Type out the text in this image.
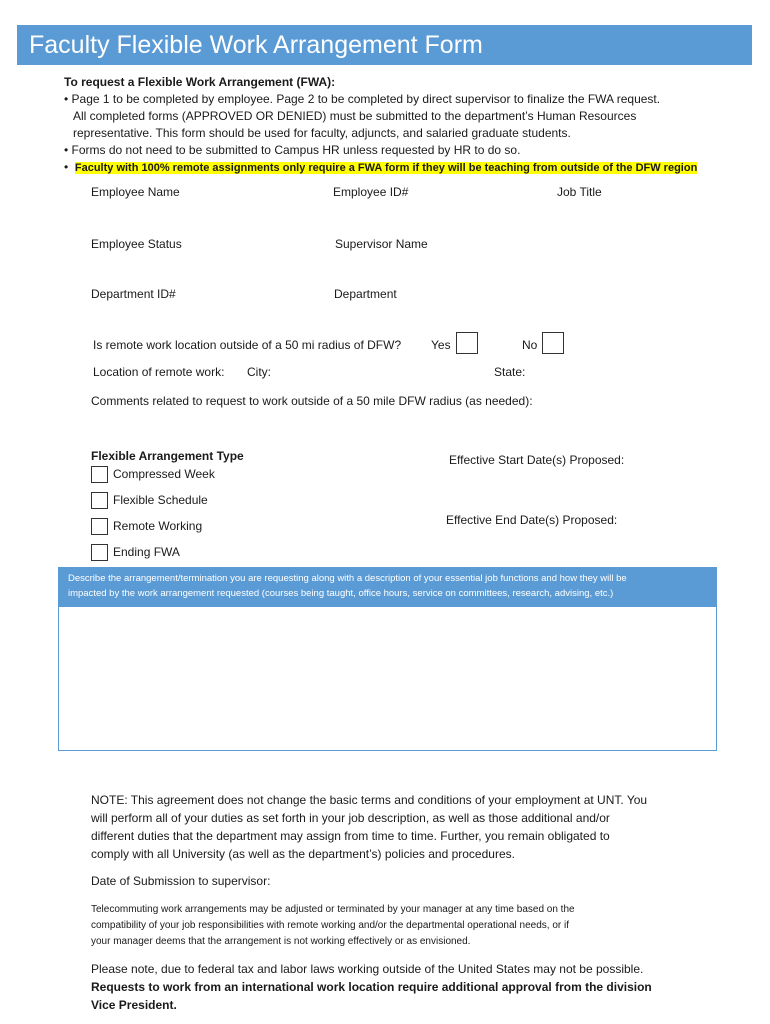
Faculty Flexible Work Arrangement Form
To request a Flexible Work Arrangement (FWA):
• Page 1 to be completed by employee. Page 2 to be completed by direct supervisor to finalize the FWA request.
All completed forms (APPROVED OR DENIED) must be submitted to the department’s Human Resources
representative. This form should be used for faculty, adjuncts, and salaried graduate students.
• Forms do not need to be submitted to Campus HR unless requested by HR to do so.
• Faculty with 100% remote assignments only require a FWA form if they will be teaching from outside of the DFW region
Employee Name	Employee ID#	Job Title
Employee Status	Supervisor Name
Department ID#	Department
Is remote work location outside of a 50 mi radius of DFW? Yes	No
Location of remote work: City:	State:
Comments related to request to work outside of a 50 mile DFW radius (as needed):
Flexible Arrangement Type
Compressed Week
Flexible Schedule
Remote Working
Ending FWA
Effective Start Date(s) Proposed:
Effective End Date(s) Proposed:
Describe the arrangement/termination you are requesting along with a description of your essential job functions and how they will be
impacted by the work arrangement requested (courses being taught, office hours, service on committees, research, advising, etc.)
NOTE: This agreement does not change the basic terms and conditions of your employment at UNT. You
will perform all of your duties as set forth in your job description, as well as those additional and/or
different duties that the department may assign from time to time. Further, you remain obligated to
comply with all University (as well as the department’s) policies and procedures.
Date of Submission to supervisor:
Telecommuting work arrangements may be adjusted or terminated by your manager at any time based on the
compatibility of your job responsibilities with remote working and/or the departmental operational needs, or if
your manager deems that the arrangement is not working effectively or as envisioned.
Please note, due to federal tax and labor laws working outside of the United States may not be possible.
Requests to work from an international work location require additional approval from the division
Vice President.
